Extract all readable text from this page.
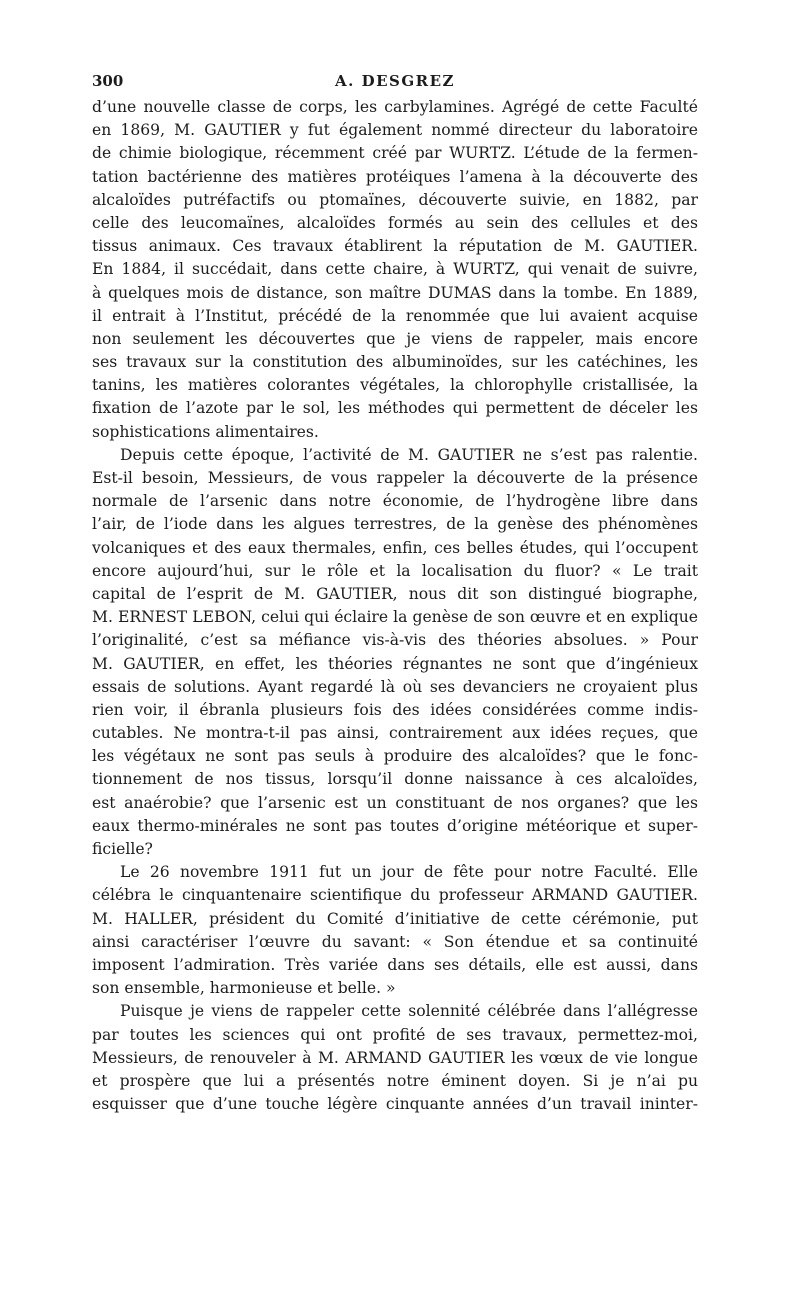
300	A. DESGREZ
d’une nouvelle classe de corps, les carbylamines. Agrégé de cette Faculté
en 1869, M. GAUTIER y fut également nommé directeur du laboratoire
de chimie biologique, récemment créé par WURTZ. L’étude de la fermen-
tation bactérienne des matières protéiques l’amena à la découverte des
alcaloïdes putréfactifs ou ptomaïnes, découverte suivie, en 1882, par
celle des leucomaïnes, alcaloïdes formés au sein des cellules et des
tissus animaux. Ces travaux établirent la réputation de M. GAUTIER.
En 1884, il succédait, dans cette chaire, à WURTZ, qui venait de suivre,
à quelques mois de distance, son maître DUMAS dans la tombe. En 1889,
il entrait à l’Institut, précédé de la renommée que lui avaient acquise
non seulement les découvertes que je viens de rappeler, mais encore
ses travaux sur la constitution des albuminoïdes, sur les catéchines, les
tanins, les matières colorantes végétales, la chlorophylle cristallisée, la
fixation de l’azote par le sol, les méthodes qui permettent de déceler les
sophistications alimentaires.
Depuis cette époque, l’activité de M. GAUTIER ne s’est pas ralentie.
Est-il besoin, Messieurs, de vous rappeler la découverte de la présence
normale de l’arsenic dans notre économie, de l’hydrogène libre dans
l’air, de l’iode dans les algues terrestres, de la genèse des phénomènes
volcaniques et des eaux thermales, enfin, ces belles études, qui l’occupent
encore aujourd’hui, sur le rôle et la localisation du fluor? « Le trait
capital de l’esprit de M. GAUTIER, nous dit son distingué biographe,
M. ERNEST LEBON, celui qui éclaire la genèse de son œuvre et en explique
l’originalité, c’est sa méfiance vis-à-vis des théories absolues. » Pour
M. GAUTIER, en effet, les théories régnantes ne sont que d’ingénieux
essais de solutions. Ayant regardé là où ses devanciers ne croyaient plus
rien voir, il ébranla plusieurs fois des idées considérées comme indis-
cutables. Ne montra-t-il pas ainsi, contrairement aux idées reçues, que
les végétaux ne sont pas seuls à produire des alcaloïdes? que le fonc-
tionnement de nos tissus, lorsqu’il donne naissance à ces alcaloïdes,
est anaérobie? que l’arsenic est un constituant de nos organes? que les
eaux thermo-minérales ne sont pas toutes d’origine météorique et super-
ficielle?
Le 26 novembre 1911 fut un jour de fête pour notre Faculté. Elle
célébra le cinquantenaire scientifique du professeur ARMAND GAUTIER.
M. HALLER, président du Comité d’initiative de cette cérémonie, put
ainsi caractériser l’œuvre du savant: « Son étendue et sa continuité
imposent l’admiration. Très variée dans ses détails, elle est aussi, dans
son ensemble, harmonieuse et belle. »
Puisque je viens de rappeler cette solennité célébrée dans l’allégresse
par toutes les sciences qui ont profité de ses travaux, permettez-moi,
Messieurs, de renouveler à M. ARMAND GAUTIER les vœux de vie longue
et prospère que lui a présentés notre éminent doyen. Si je n’ai pu
esquisser que d’une touche légère cinquante années d’un travail ininter-
